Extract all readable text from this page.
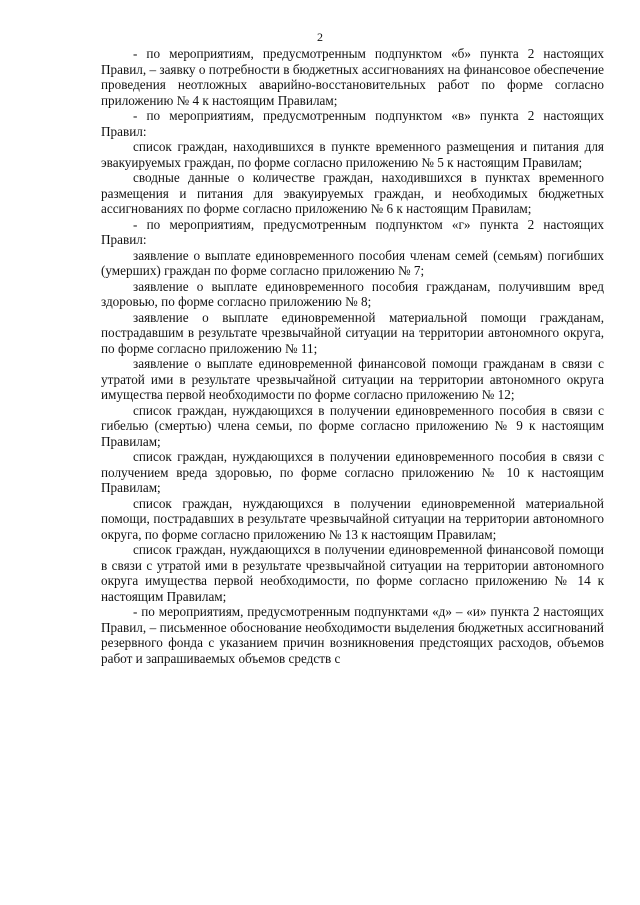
2

- по мероприятиям, предусмотренным подпунктом «б» пункта 2 настоящих Правил, – заявку о потребности в бюджетных ассигнованиях на финансовое обеспечение проведения неотложных аварийно-восстановительных работ по форме согласно приложению № 4 к настоящим Правилам;

- по мероприятиям, предусмотренным подпунктом «в» пункта 2 настоящих Правил:

список граждан, находившихся в пункте временного размещения и питания для эвакуируемых граждан, по форме согласно приложению № 5 к настоящим Правилам;

сводные данные о количестве граждан, находившихся в пунктах временного размещения и питания для эвакуируемых граждан, и необходимых бюджетных ассигнованиях по форме согласно приложению № 6 к настоящим Правилам;

- по мероприятиям, предусмотренным подпунктом «г» пункта 2 настоящих Правил:

заявление о выплате единовременного пособия членам семей (семьям) погибших (умерших) граждан по форме согласно приложению № 7;

заявление о выплате единовременного пособия гражданам, получившим вред здоровью, по форме согласно приложению № 8;

заявление о выплате единовременной материальной помощи гражданам, пострадавшим в результате чрезвычайной ситуации на территории автономного округа, по форме согласно приложению № 11;

заявление о выплате единовременной финансовой помощи гражданам в связи с утратой ими в результате чрезвычайной ситуации на территории автономного округа имущества первой необходимости по форме согласно приложению № 12;

список граждан, нуждающихся в получении единовременного пособия в связи с гибелью (смертью) члена семьи, по форме согласно приложению № 9 к настоящим Правилам;

список граждан, нуждающихся в получении единовременного пособия в связи с получением вреда здоровью, по форме согласно приложению № 10 к настоящим Правилам;

список граждан, нуждающихся в получении единовременной материальной помощи, пострадавших в результате чрезвычайной ситуации на территории автономного округа, по форме согласно приложению № 13 к настоящим Правилам;

список граждан, нуждающихся в получении единовременной финансовой помощи в связи с утратой ими в результате чрезвычайной ситуации на территории автономного округа имущества первой необходимости, по форме согласно приложению № 14 к настоящим Правилам;

- по мероприятиям, предусмотренным подпунктами «д» – «и» пункта 2 настоящих Правил, – письменное обоснование необходимости выделения бюджетных ассигнований резервного фонда с указанием причин возникновения предстоящих расходов, объемов работ и запрашиваемых объемов средств с
